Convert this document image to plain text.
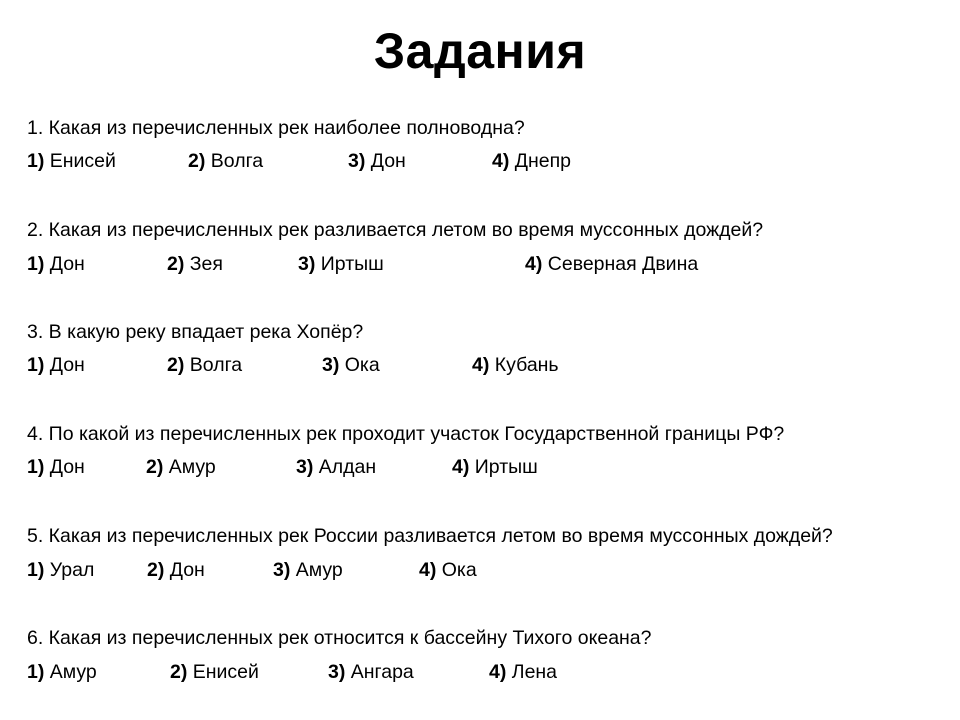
Задания
1. Какая из перечисленных рек наиболее полноводна?
1) Енисей	2) Волга	3) Дон	4) Днепр
2. Какая из перечисленных рек разливается летом во время муссонных дождей?
1) Дон	2) Зея	3) Иртыш	4) Северная Двина
3. В какую реку впадает река Хопёр?
1) Дон	2) Волга	3) Ока	4) Кубань
4. По какой из перечисленных рек проходит участок Государственной границы РФ?
1) Дон	2) Амур	3) Алдан	4) Иртыш
5. Какая из перечисленных рек России разливается летом во время муссонных дождей?
1) Урал	2) Дон	3) Амур	4) Ока
6. Какая из перечисленных рек относится к бассейну Тихого океана?
1) Амур	2) Енисей	3) Ангара	4) Лена
